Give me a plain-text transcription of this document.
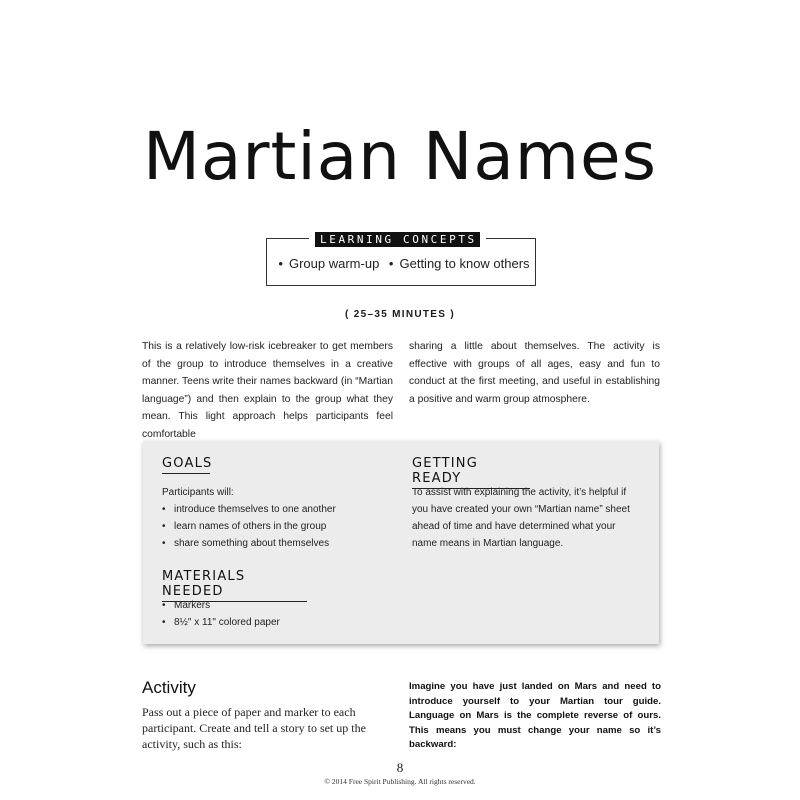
Martian Names
LEARNING CONCEPTS
• Group warm-up • Getting to know others
( 25–35 MINUTES )
This is a relatively low-risk icebreaker to get members of the group to introduce themselves in a creative manner. Teens write their names backward (in “Martian language”) and then explain to the group what they mean. This light approach helps participants feel comfortable
sharing a little about themselves. The activity is effective with groups of all ages, easy and fun to conduct at the first meeting, and useful in establishing a positive and warm group atmosphere.
GOALS
Participants will:
• introduce themselves to one another
• learn names of others in the group
• share something about themselves
MATERIALS NEEDED
• Markers
• 8½" x 11" colored paper
GETTING READY
To assist with explaining the activity, it’s helpful if you have created your own “Martian name” sheet ahead of time and have determined what your name means in Martian language.
Activity
Pass out a piece of paper and marker to each participant. Create and tell a story to set up the activity, such as this:
Imagine you have just landed on Mars and need to introduce yourself to your Martian tour guide. Language on Mars is the complete reverse of ours. This means you must change your name so it’s backward:
8
© 2014 Free Spirit Publishing. All rights reserved.
